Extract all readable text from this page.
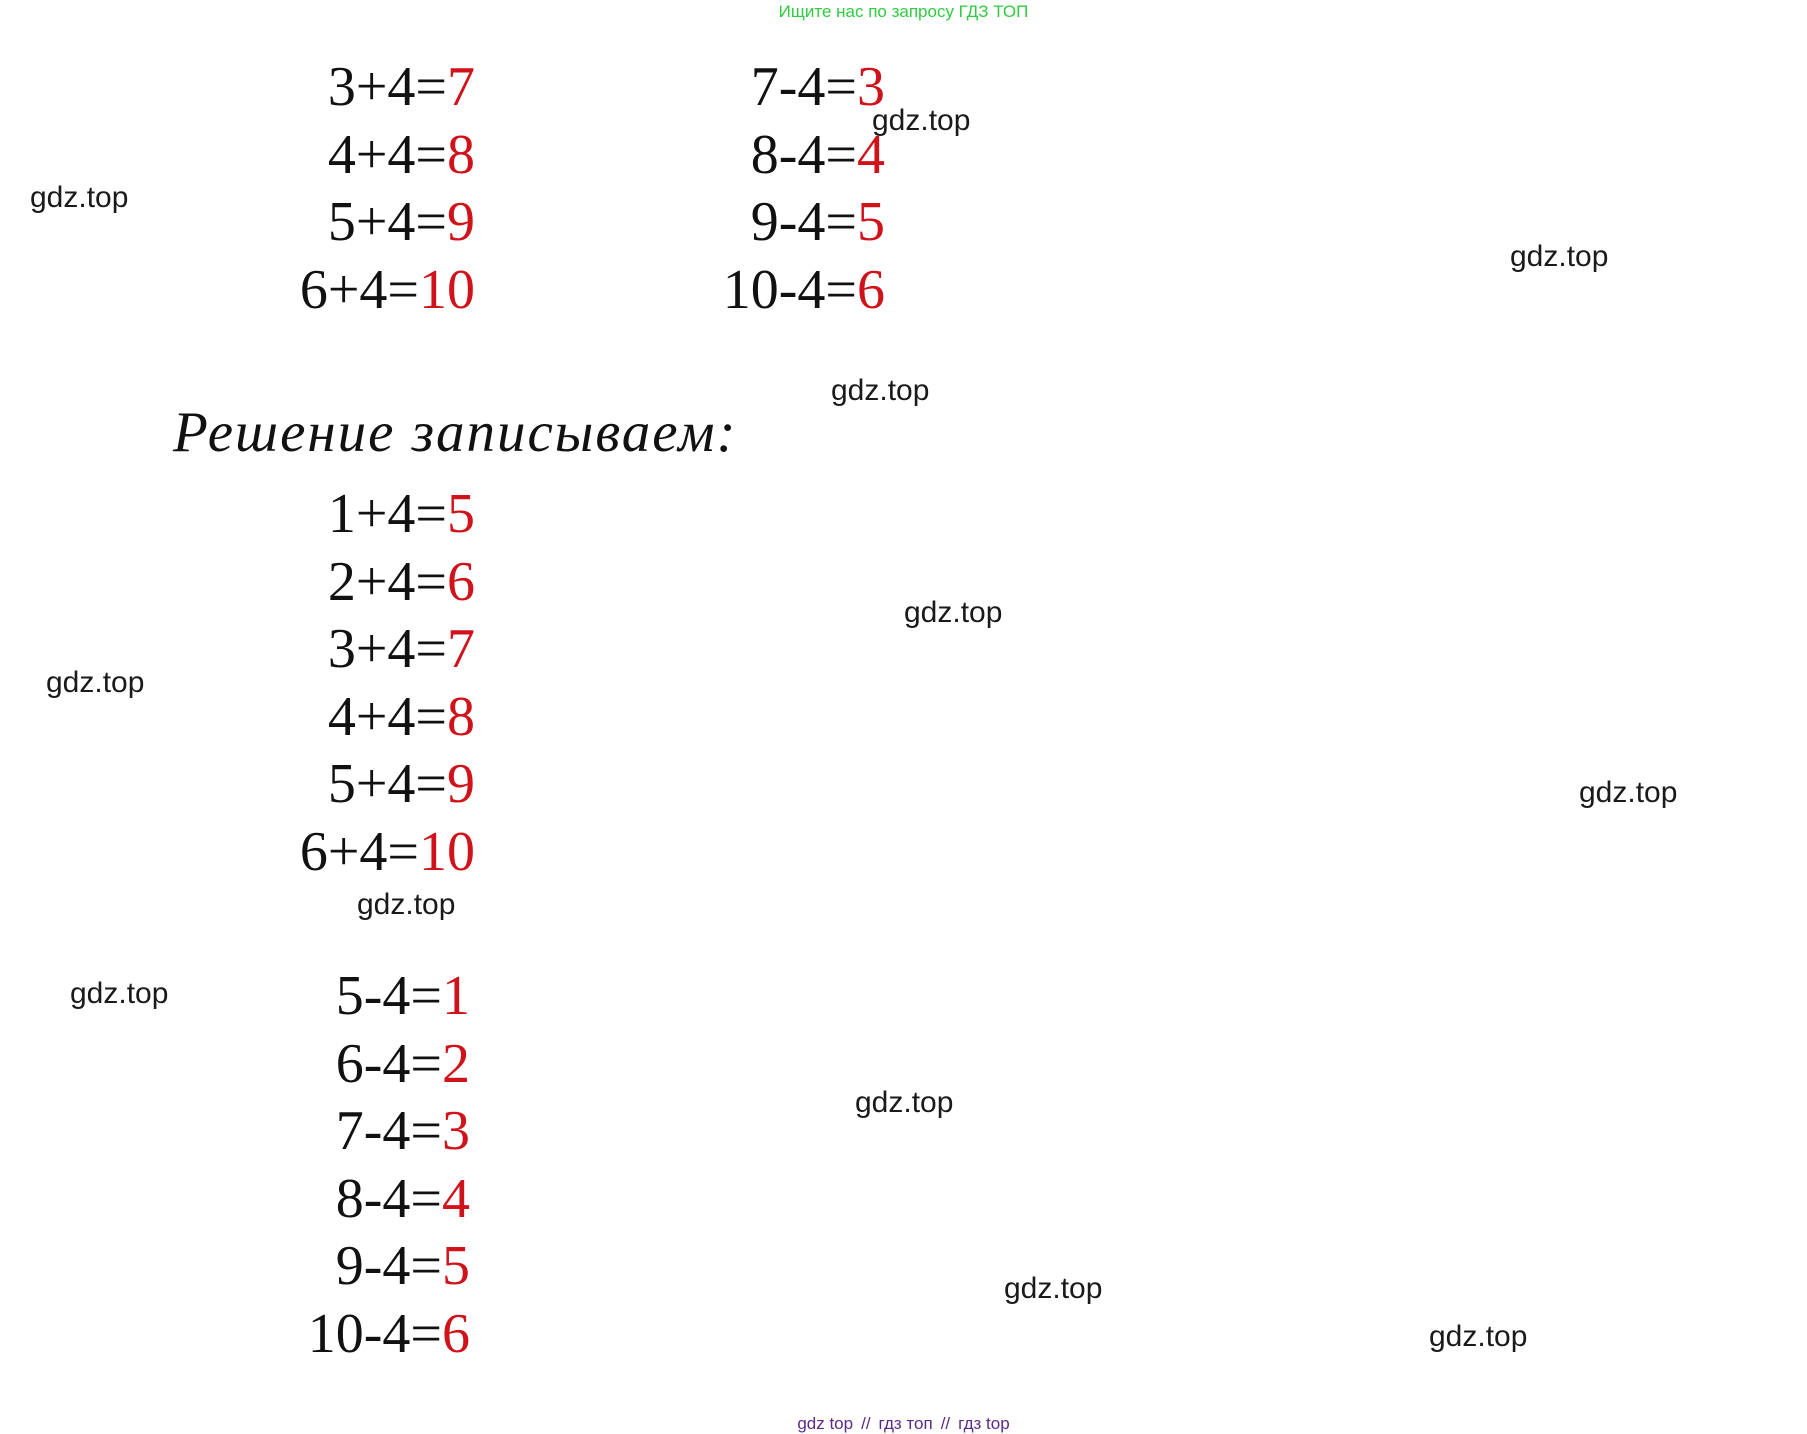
Ищите нас по запросу ГДЗ ТОП
3+4=7
4+4=8
5+4=9
6+4=10
7-4=3
8-4=4
9-4=5
10-4=6
Решение записываем:
1+4=5
2+4=6
3+4=7
4+4=8
5+4=9
6+4=10
5-4=1
6-4=2
7-4=3
8-4=4
9-4=5
10-4=6
gdz.top
gdz.top
gdz.top
gdz.top
gdz.top
gdz.top
gdz.top
gdz.top
gdz.top
gdz.top
gdz.top
gdz.top
gdz top // гдз топ // гдз top
